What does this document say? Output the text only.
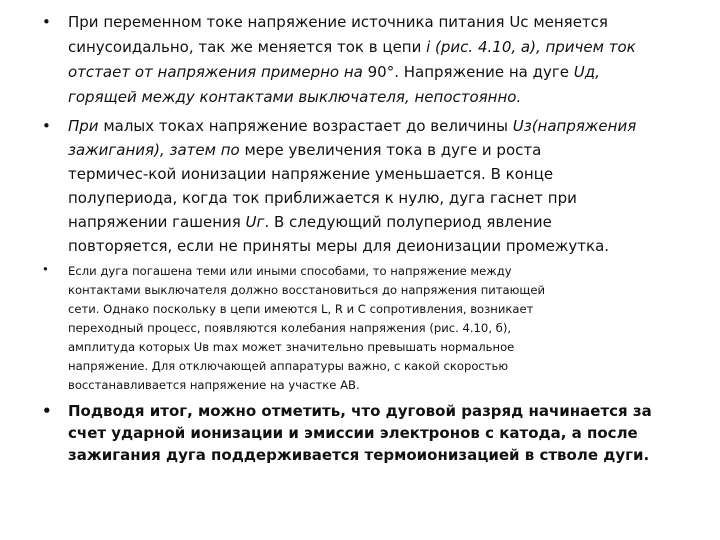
• При переменном токе напряжение источника питания Uc меняется
синусоидально, так же меняется ток в цепи i (рис. 4.10, а), причем ток
отстает от напряжения примерно на 90°. Напряжение на дуге Uд,
горящей между контактами выключателя, непостоянно.

• При малых токах напряжение возрастает до величины Uз(напряжения
зажигания), затем по мере увеличения тока в дуге и роста
термичес-кой ионизации напряжение уменьшается. В конце
полупериода, когда ток приближается к нулю, дуга гаснет при
напряжении гашения Uг. В следующий полупериод явление
повторяется, если не приняты меры для деионизации промежутка.

• Если дуга погашена теми или иными способами, то напряжение между
контактами выключателя должно восстановиться до напряжения питающей
сети. Однако поскольку в цепи имеются L, R и С сопротивления, возникает
переходный процесс, появляются колебания напряжения (рис. 4.10, б),
амплитуда которых Uв max может значительно превышать нормальное
напряжение. Для отключающей аппаратуры важно, с какой скоростью
восстанавливается напряжение на участке АВ.

• Подводя итог, можно отметить, что дуговой разряд начинается за
счет ударной ионизации и эмиссии электронов с катода, а после
зажигания дуга поддерживается термоионизацией в стволе дуги.
